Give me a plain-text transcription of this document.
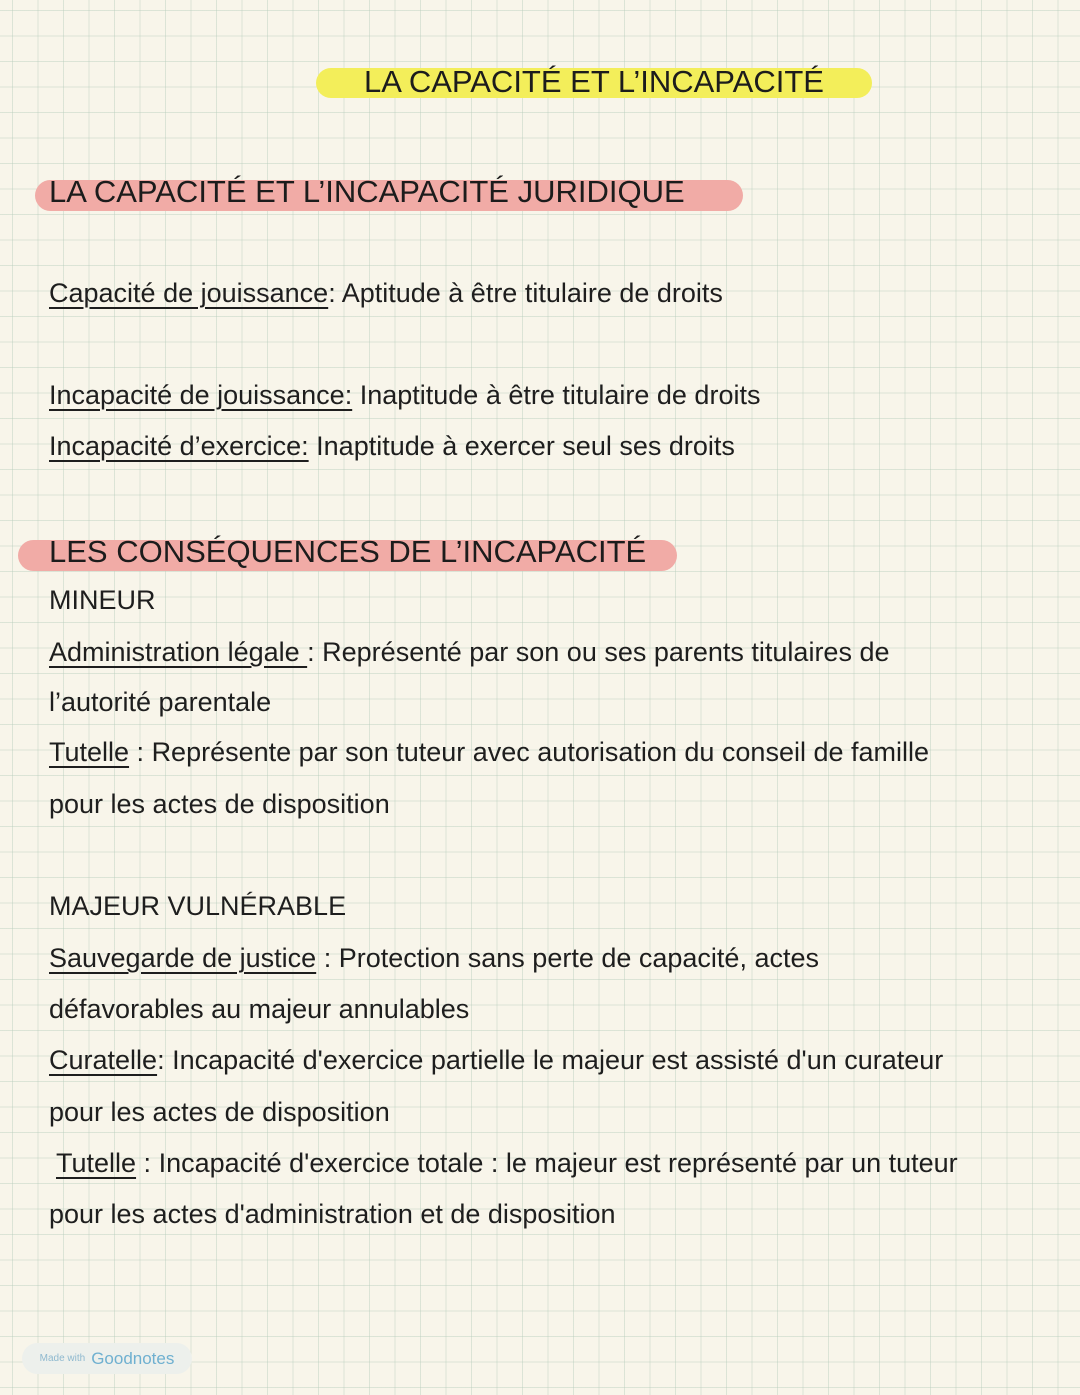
LA CAPACITÉ ET L’INCAPACITÉ
LA CAPACITÉ ET L’INCAPACITÉ JURIDIQUE
Capacité de jouissance: Aptitude à être titulaire de droits
Incapacité de jouissance: Inaptitude à être titulaire de droits
Incapacité d’exercice: Inaptitude à exercer seul ses droits
LES CONSÉQUENCES DE L’INCAPACITÉ
MINEUR
Administration légale : Représenté par son ou ses parents titulaires de
l’autorité parentale
Tutelle : Représente par son tuteur avec autorisation du conseil de famille
pour les actes de disposition
MAJEUR VULNÉRABLE
Sauvegarde de justice : Protection sans perte de capacité, actes
défavorables au majeur annulables
Curatelle: Incapacité d'exercice partielle le majeur est assisté d'un curateur
pour les actes de disposition
Tutelle : Incapacité d'exercice totale : le majeur est représenté par un tuteur
pour les actes d'administration et de disposition
Made with Goodnotes
